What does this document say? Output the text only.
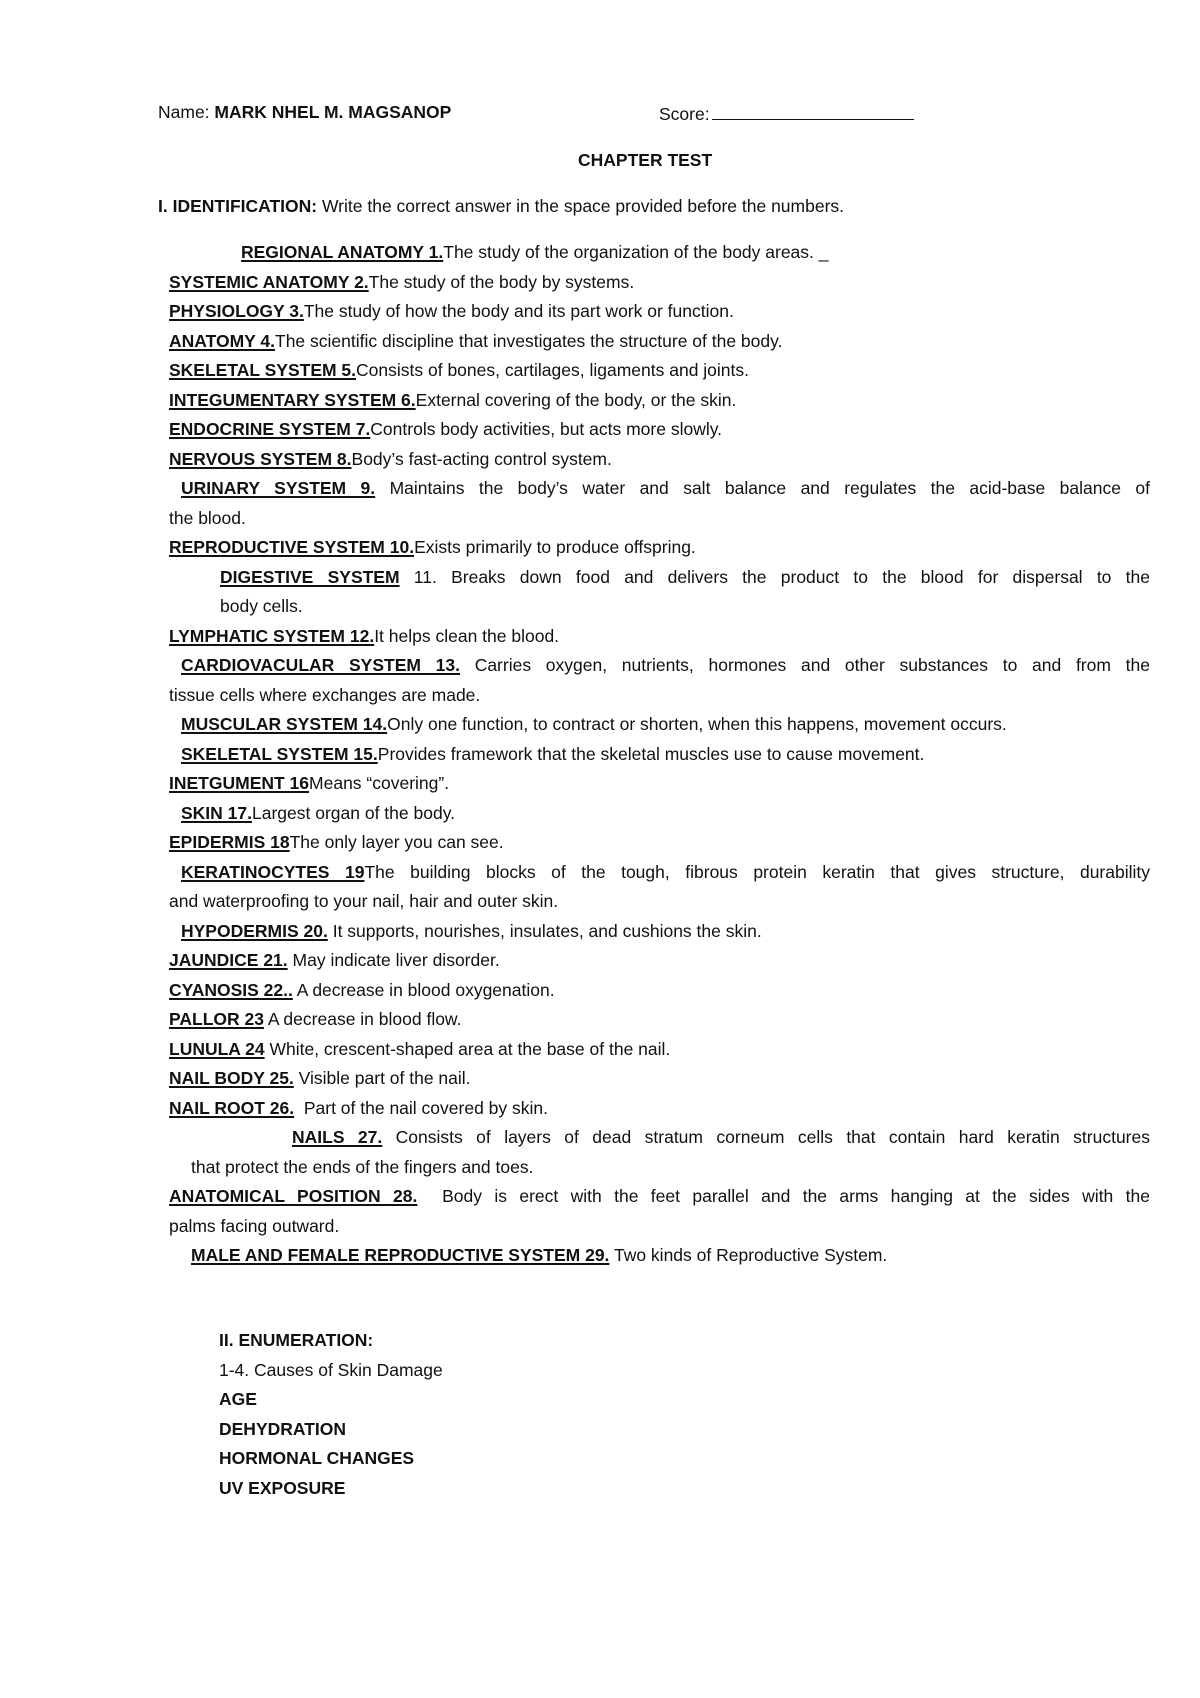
Name: MARK NHEL M. MAGSANOP	Score:
CHAPTER TEST
I. IDENTIFICATION: Write the correct answer in the space provided before the numbers.
REGIONAL ANATOMY 1.The study of the organization of the body areas. _
SYSTEMIC ANATOMY 2.The study of the body by systems.
PHYSIOLOGY 3.The study of how the body and its part work or function.
ANATOMY 4.The scientific discipline that investigates the structure of the body.
SKELETAL SYSTEM 5.Consists of bones, cartilages, ligaments and joints.
INTEGUMENTARY SYSTEM 6.External covering of the body, or the skin.
ENDOCRINE SYSTEM 7.Controls body activities, but acts more slowly.
NERVOUS SYSTEM 8.Body’s fast-acting control system.
URINARY SYSTEM 9. Maintains the body’s water and salt balance and regulates the acid-base balance of
the blood.
REPRODUCTIVE SYSTEM 10.Exists primarily to produce offspring.
DIGESTIVE SYSTEM 11. Breaks down food and delivers the product to the blood for dispersal to the
body cells.
LYMPHATIC SYSTEM 12.It helps clean the blood.
CARDIOVACULAR SYSTEM 13. Carries oxygen, nutrients, hormones and other substances to and from the
tissue cells where exchanges are made.
MUSCULAR SYSTEM 14.Only one function, to contract or shorten, when this happens, movement occurs.
SKELETAL SYSTEM 15.Provides framework that the skeletal muscles use to cause movement.
INETGUMENT 16Means “covering”.
SKIN 17.Largest organ of the body.
EPIDERMIS 18The only layer you can see.
KERATINOCYTES 19The building blocks of the tough, fibrous protein keratin that gives structure, durability
and waterproofing to your nail, hair and outer skin.
HYPODERMIS 20. It supports, nourishes, insulates, and cushions the skin.
JAUNDICE 21. May indicate liver disorder.
CYANOSIS 22.. A decrease in blood oxygenation.
PALLOR 23 A decrease in blood flow.
LUNULA 24 White, crescent-shaped area at the base of the nail.
NAIL BODY 25. Visible part of the nail.
NAIL ROOT 26.  Part of the nail covered by skin.
NAILS 27. Consists of layers of dead stratum corneum cells that contain hard keratin structures
that protect the ends of the fingers and toes.
ANATOMICAL POSITION 28.  Body is erect with the feet parallel and the arms hanging at the sides with the
palms facing outward.
MALE AND FEMALE REPRODUCTIVE SYSTEM 29. Two kinds of Reproductive System.
II. ENUMERATION:
1-4. Causes of Skin Damage
AGE
DEHYDRATION
HORMONAL CHANGES
UV EXPOSURE
